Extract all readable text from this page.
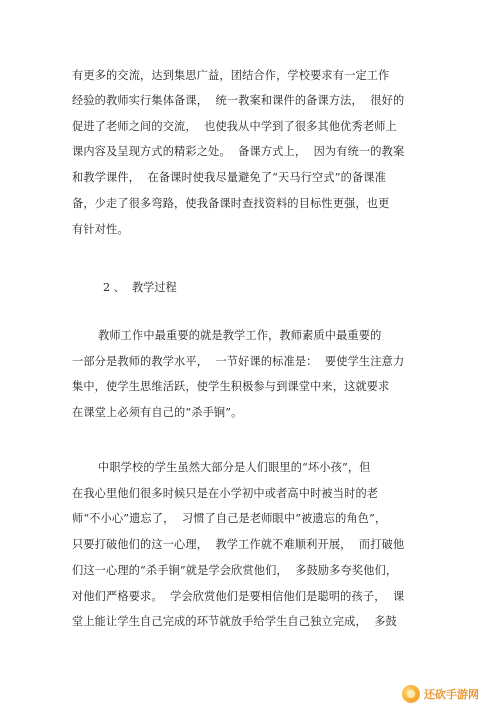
有更多的交流，达到集思广益，团结合作，学校要求有一定工作
经验的教师实行集体备课，  统一教案和课件的备课方法，  很好的
促进了老师之间的交流，  也使我从中学到了很多其他优秀老师上
课内容及呈现方式的精彩之处。  备课方式上，  因为有统一的教案
和教学课件，  在备课时使我尽量避免了“天马行空式”的备课准
备，少走了很多弯路，使我备课时查找资料的目标性更强，也更
有针对性。
2 、  教学过程
教师工作中最重要的就是教学工作，教师素质中最重要的
一部分是教师的教学水平，  一节好课的标准是：  要使学生注意力
集中，使学生思维活跃，使学生积极参与到课堂中来，这就要求
在课堂上必须有自己的“杀手锏”。
中职学校的学生虽然大部分是人们眼里的“坏小孩”，但
在我心里他们很多时候只是在小学初中或者高中时被当时的老
师“不小心”遗忘了，  习惯了自己是老师眼中“被遗忘的角色”，
只要打破他们的这一心理，  教学工作就不难顺利开展，  而打破他
们这一心理的“杀手锏”就是学会欣赏他们，  多鼓励多夸奖他们，
对他们严格要求。  学会欣赏他们是要相信他们是聪明的孩子，  课
堂上能让学生自己完成的环节就放手给学生自己独立完成，  多鼓
还砍手游网
